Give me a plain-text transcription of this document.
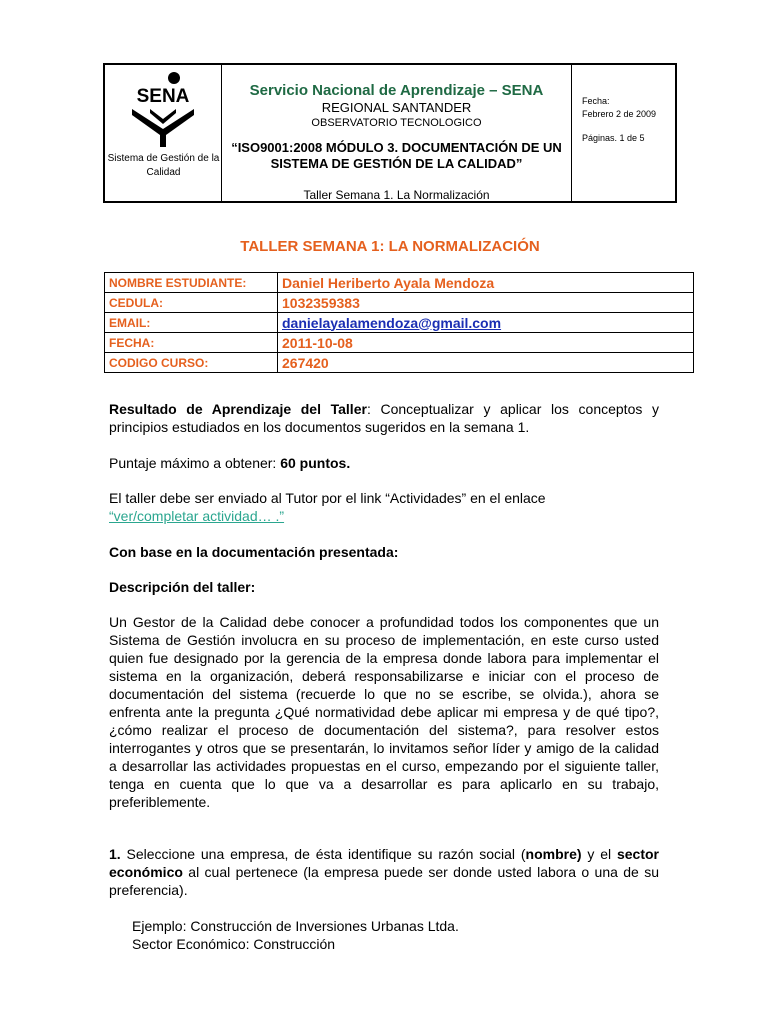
SENA
Sistema de Gestión de la Calidad
Servicio Nacional de Aprendizaje – SENA
REGIONAL SANTANDER
OBSERVATORIO TECNOLOGICO
“ISO9001:2008 MÓDULO 3. DOCUMENTACIÓN DE UN SISTEMA DE GESTIÓN DE LA CALIDAD”
Taller Semana 1. La Normalización
Fecha:
Febrero 2 de 2009
Páginas. 1 de 5
TALLER SEMANA 1: LA NORMALIZACIÓN
NOMBRE ESTUDIANTE:	Daniel Heriberto Ayala Mendoza
CEDULA:	1032359383
EMAIL:	danielayalamendoza@gmail.com
FECHA:	2011-10-08
CODIGO CURSO:	267420
Resultado de Aprendizaje del Taller: Conceptualizar y aplicar los conceptos y principios estudiados en los documentos sugeridos en la semana 1.
Puntaje máximo a obtener: 60 puntos.
El taller debe ser enviado al Tutor por el link “Actividades” en el enlace
“ver/completar actividad… .”
Con base en la documentación presentada:
Descripción del taller:
Un Gestor de la Calidad debe conocer a profundidad todos los componentes que un Sistema de Gestión involucra en su proceso de implementación, en este curso usted quien fue designado por la gerencia de la empresa donde labora para implementar el sistema en la organización, deberá responsabilizarse e iniciar con el proceso de documentación del sistema (recuerde lo que no se escribe, se olvida.), ahora se enfrenta ante la pregunta ¿Qué normatividad debe aplicar mi empresa y de qué tipo?, ¿cómo realizar el proceso de documentación del sistema?, para resolver estos interrogantes y otros que se presentarán, lo invitamos señor líder y amigo de la calidad a desarrollar las actividades propuestas en el curso, empezando por el siguiente taller, tenga en cuenta que lo que va a desarrollar es para aplicarlo en su trabajo, preferiblemente.
1. Seleccione una empresa, de ésta identifique su razón social (nombre) y el sector económico al cual pertenece (la empresa puede ser donde usted labora o una de su preferencia).
Ejemplo: Construcción de Inversiones Urbanas Ltda.
Sector Económico: Construcción
